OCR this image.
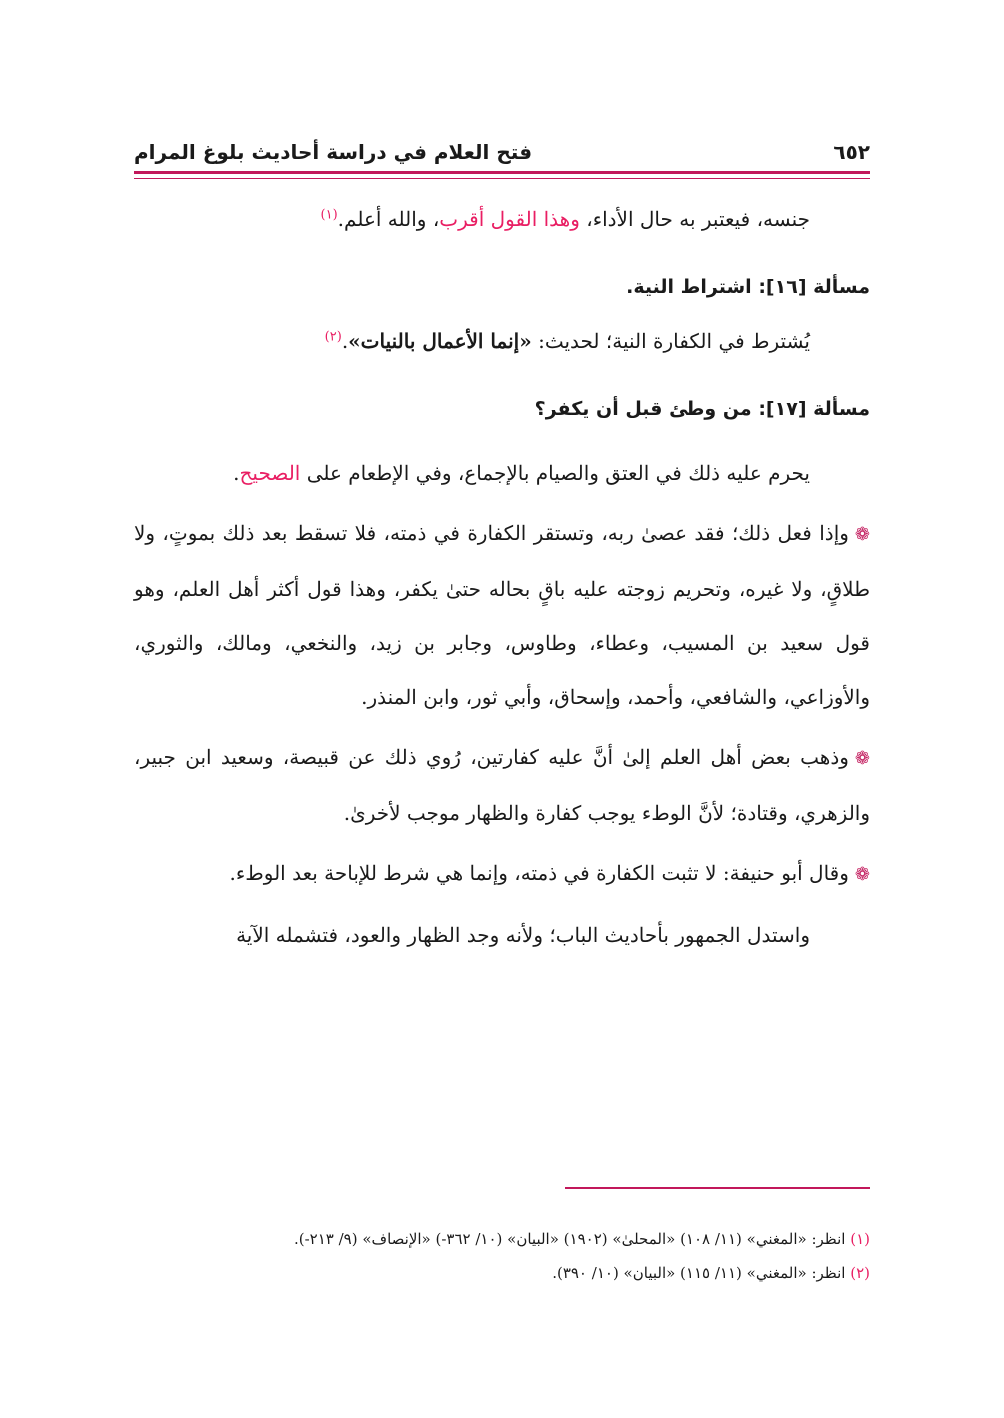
٦٥٢
فتح العلام في دراسة أحاديث بلوغ المرام

جنسه، فيعتبر به حال الأداء، وهذا القول أقرب، والله أعلم.$^{(١)}$

مسألة [١٦]: اشتراط النية.

يُشترط في الكفارة النية؛ لحديث: «إنما الأعمال بالنيات».$^{(٢)}$

مسألة [١٧]: من وطئ قبل أن يكفر؟

يحرم عليه ذلك في العتق والصيام بالإجماع، وفي الإطعام على الصحيح.

❁وإذا فعل ذلك؛ فقد عصىٰ ربه، وتستقر الكفارة في ذمته، فلا تسقط بعد ذلك بموتٍ، ولا طلاقٍ، ولا غيره، وتحريم زوجته عليه باقٍ بحاله حتىٰ يكفر، وهذا قول أكثر أهل العلم، وهو قول سعيد بن المسيب، وعطاء، وطاوس، وجابر بن زيد، والنخعي، ومالك، والثوري، والأوزاعي، والشافعي، وأحمد، وإسحاق، وأبي ثور، وابن المنذر.

❁وذهب بعض أهل العلم إلىٰ أنَّ عليه كفارتين، رُوي ذلك عن قبيصة، وسعيد ابن جبير، والزهري، وقتادة؛ لأنَّ الوطء يوجب كفارة والظهار موجب لأخرىٰ.

❁وقال أبو حنيفة: لا تثبت الكفارة في ذمته، وإنما هي شرط للإباحة بعد الوطء.

واستدل الجمهور بأحاديث الباب؛ ولأنه وجد الظهار والعود، فتشمله الآية

(١) انظر: «المغني» (١١/ ١٠٨) «المحلىٰ» (١٩٠٢) «البيان» (١٠/ ٣٦٢-) «الإنصاف» (٩/ ٢١٣-).
(٢) انظر: «المغني» (١١/ ١١٥) «البيان» (١٠/ ٣٩٠).
